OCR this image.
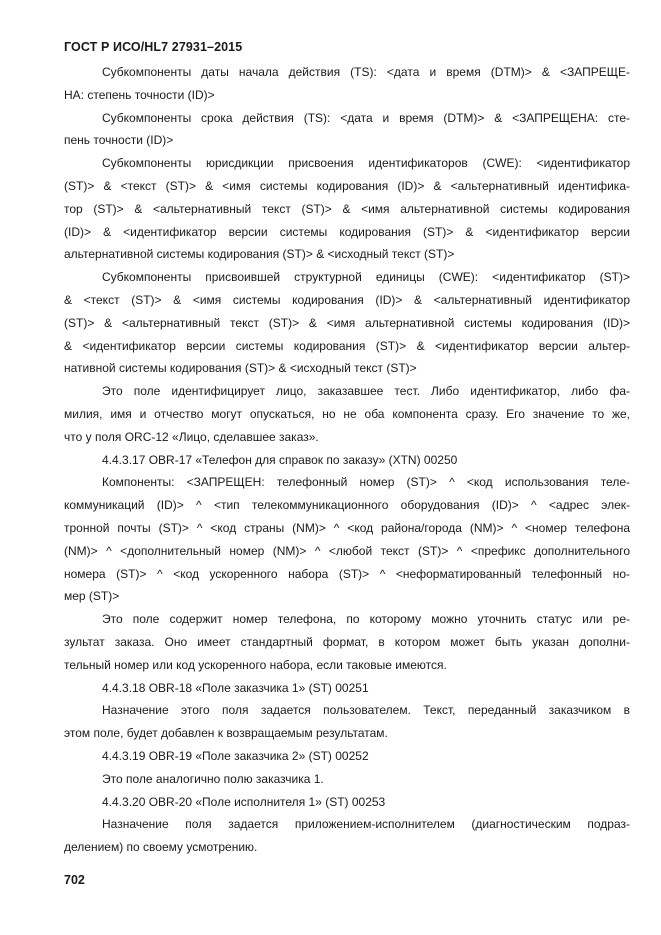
ГОСТ Р ИСО/HL7 27931–2015
Субкомпоненты даты начала действия (TS): <дата и время (DTM)> & <ЗАПРЕЩЕ-
НА: степень точности (ID)>
Субкомпоненты срока действия (TS): <дата и время (DTM)> & <ЗАПРЕЩЕНА: сте-
пень точности (ID)>
Субкомпоненты юрисдикции присвоения идентификаторов (CWE): <идентификатор
(ST)> & <текст (ST)> & <имя системы кодирования (ID)> & <альтернативный идентифика-
тор (ST)> & <альтернативный текст (ST)> & <имя альтернативной системы кодирования
(ID)> & <идентификатор версии системы кодирования (ST)> & <идентификатор версии
альтернативной системы кодирования (ST)> & <исходный текст (ST)>
Субкомпоненты присвоившей структурной единицы (CWE): <идентификатор (ST)>
& <текст (ST)> & <имя системы кодирования (ID)> & <альтернативный идентификатор
(ST)> & <альтернативный текст (ST)> & <имя альтернативной системы кодирования (ID)>
& <идентификатор версии системы кодирования (ST)> & <идентификатор версии альтер-
нативной системы кодирования (ST)> & <исходный текст (ST)>
Это поле идентифицирует лицо, заказавшее тест. Либо идентификатор, либо фа-
милия, имя и отчество могут опускаться, но не оба компонента сразу. Его значение то же,
что у поля ORC-12 «Лицо, сделавшее заказ».
4.4.3.17 OBR-17 «Телефон для справок по заказу» (XTN) 00250
Компоненты: <ЗАПРЕЩЕН: телефонный номер (ST)> ^ <код использования теле-
коммуникаций (ID)> ^ <тип телекоммуникационного оборудования (ID)> ^ <адрес элек-
тронной почты (ST)> ^ <код страны (NM)> ^ <код района/города (NM)> ^ <номер телефона
(NM)> ^ <дополнительный номер (NM)> ^ <любой текст (ST)> ^ <префикс дополнительного
номера (ST)> ^ <код ускоренного набора (ST)> ^ <неформатированный телефонный но-
мер (ST)>
Это поле содержит номер телефона, по которому можно уточнить статус или ре-
зультат заказа. Оно имеет стандартный формат, в котором может быть указан дополни-
тельный номер или код ускоренного набора, если таковые имеются.
4.4.3.18 OBR-18 «Поле заказчика 1» (ST) 00251
Назначение этого поля задается пользователем. Текст, переданный заказчиком в
этом поле, будет добавлен к возвращаемым результатам.
4.4.3.19 OBR-19 «Поле заказчика 2» (ST) 00252
Это поле аналогично полю заказчика 1.
4.4.3.20 OBR-20 «Поле исполнителя 1» (ST) 00253
Назначение поля задается приложением-исполнителем (диагностическим подраз-
делением) по своему усмотрению.
702
